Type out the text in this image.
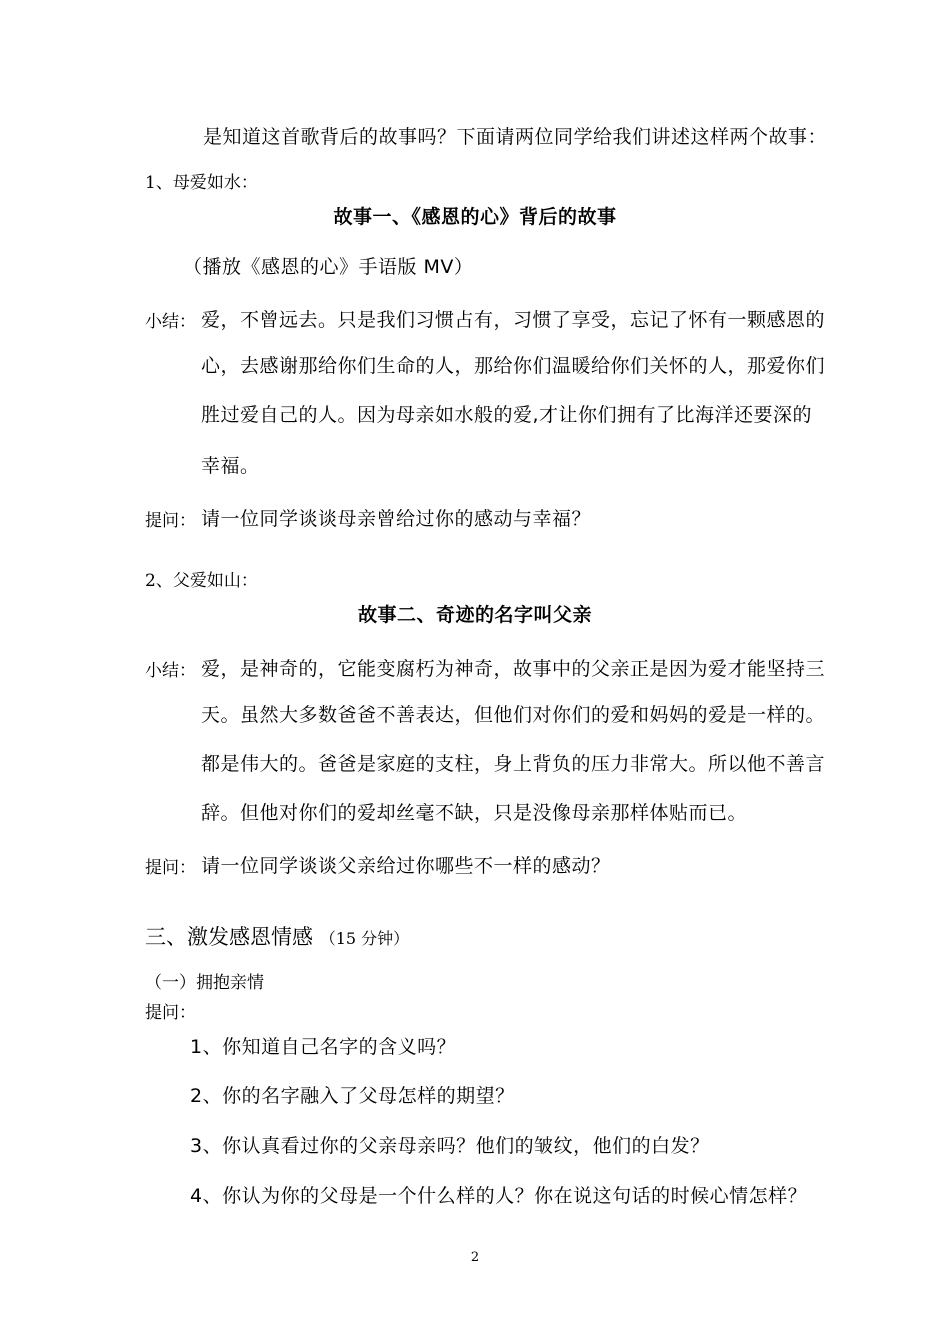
是知道这首歌背后的故事吗？下面请两位同学给我们讲述这样两个故事：
1、母爱如水：
故事一、《感恩的心》背后的故事
（播放《感恩的心》手语版 MV）
小结： 爱，不曾远去。只是我们习惯占有，习惯了享受，忘记了怀有一颗感恩的
心，去感谢那给你们生命的人，那给你们温暖给你们关怀的人，那爱你们
胜过爱自己的人。因为母亲如水般的爱,才让你们拥有了比海洋还要深的
幸福。
提问： 请一位同学谈谈母亲曾给过你的感动与幸福？
2、父爱如山：
故事二、奇迹的名字叫父亲
小结： 爱，是神奇的，它能变腐朽为神奇，故事中的父亲正是因为爱才能坚持三
天。虽然大多数爸爸不善表达，但他们对你们的爱和妈妈的爱是一样的。
都是伟大的。爸爸是家庭的支柱，身上背负的压力非常大。所以他不善言
辞。但他对你们的爱却丝毫不缺，只是没像母亲那样体贴而已。
提问： 请一位同学谈谈父亲给过你哪些不一样的感动？
三、激发感恩情感 （15 分钟）
（一）拥抱亲情
提问：
1、你知道自己名字的含义吗？
2、你的名字融入了父母怎样的期望？
3、你认真看过你的父亲母亲吗？他们的皱纹，他们的白发？
4、你认为你的父母是一个什么样的人？你在说这句话的时候心情怎样？
2
